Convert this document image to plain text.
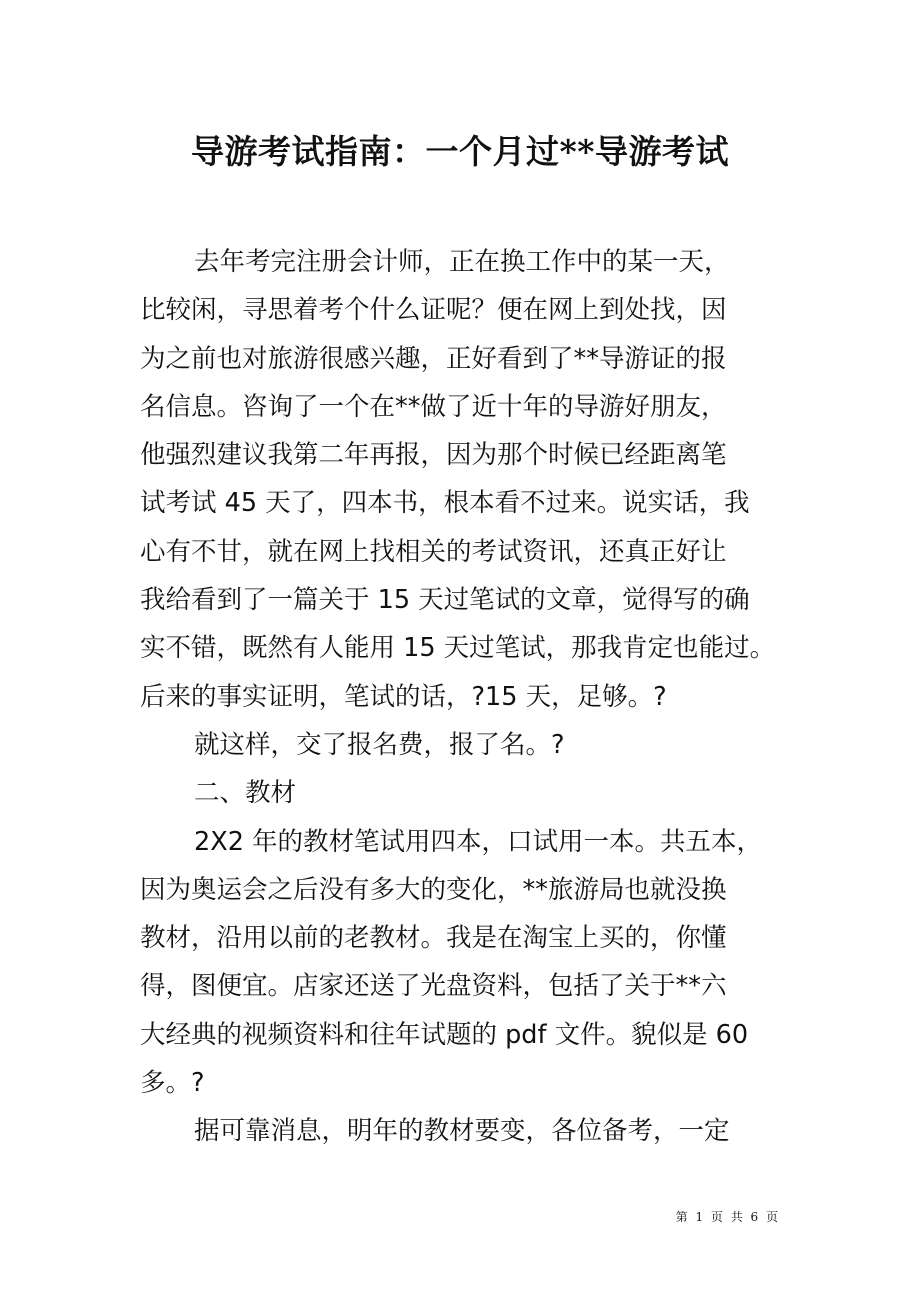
导游考试指南：一个月过**导游考试
去年考完注册会计师，正在换工作中的某一天，
比较闲，寻思着考个什么证呢？便在网上到处找，因
为之前也对旅游很感兴趣，正好看到了**导游证的报
名信息。咨询了一个在**做了近十年的导游好朋友，
他强烈建议我第二年再报，因为那个时候已经距离笔
试考试 45 天了，四本书，根本看不过来。说实话，我
心有不甘，就在网上找相关的考试资讯，还真正好让
我给看到了一篇关于 15 天过笔试的文章，觉得写的确
实不错，既然有人能用 15 天过笔试，那我肯定也能过。
后来的事实证明，笔试的话，?15 天，足够。?
就这样，交了报名费，报了名。?
二、教材
2X2 年的教材笔试用四本，口试用一本。共五本，
因为奥运会之后没有多大的变化，**旅游局也就没换
教材，沿用以前的老教材。我是在淘宝上买的，你懂
得，图便宜。店家还送了光盘资料，包括了关于**六
大经典的视频资料和往年试题的 pdf 文件。貌似是 60
多。?
据可靠消息，明年的教材要变，各位备考，一定
第 1 页 共 6 页
